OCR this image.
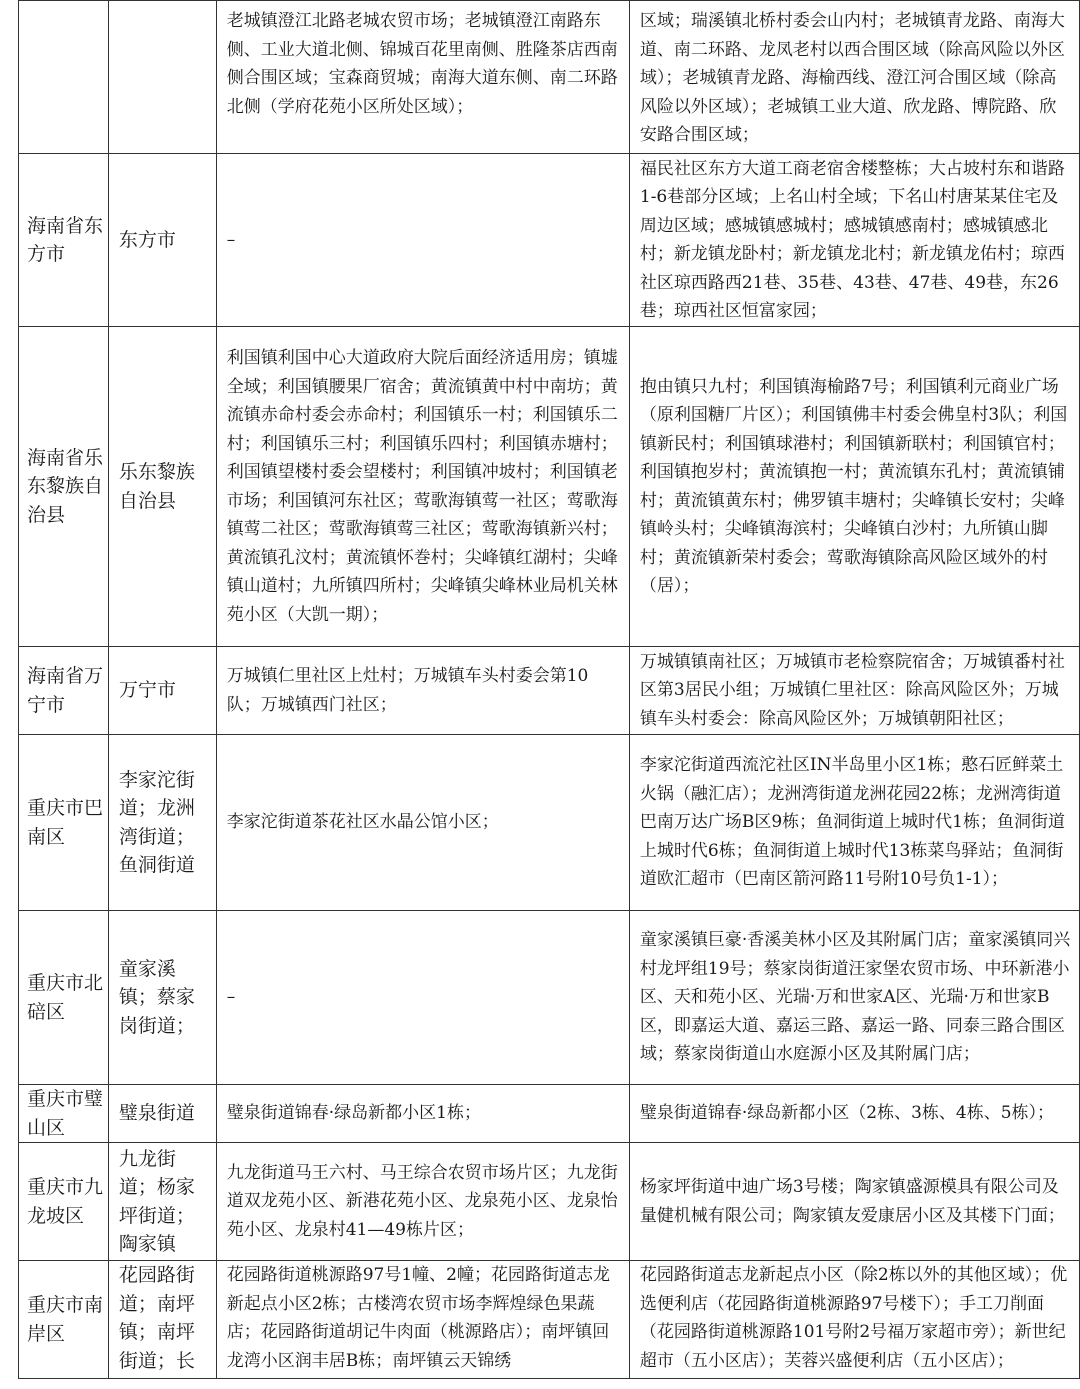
		老城镇澄江北路老城农贸市场；老城镇澄江南路东侧、工业大道北侧、锦城百花里南侧、胜隆茶店西南侧合围区域；宝森商贸城；南海大道东侧、南二环路北侧（学府花苑小区所处区域）；	区域；瑞溪镇北桥村委会山内村；老城镇青龙路、南海大道、南二环路、龙凤老村以西合围区域（除高风险以外区域）；老城镇青龙路、海榆西线、澄江河合围区域（除高风险以外区域）；老城镇工业大道、欣龙路、博院路、欣安路合围区域；
海南省东方市	东方市	–	福民社区东方大道工商老宿舍楼整栋；大占坡村东和谐路1-6巷部分区域；上名山村全域；下名山村唐某某住宅及周边区域；感城镇感城村；感城镇感南村；感城镇感北村；新龙镇龙卧村；新龙镇龙北村；新龙镇龙佑村；琼西社区琼西路西21巷、35巷、43巷、47巷、49巷，东26巷；琼西社区恒富家园；
海南省乐东黎族自治县	乐东黎族自治县	利国镇利国中心大道政府大院后面经济适用房；镇墟全域；利国镇腰果厂宿舍；黄流镇黄中村中南坊；黄流镇赤命村委会赤命村；利国镇乐一村；利国镇乐二村；利国镇乐三村；利国镇乐四村；利国镇赤塘村；利国镇望楼村委会望楼村；利国镇冲坡村；利国镇老市场；利国镇河东社区；莺歌海镇莺一社区；莺歌海镇莺二社区；莺歌海镇莺三社区；莺歌海镇新兴村；黄流镇孔汶村；黄流镇怀巻村；尖峰镇红湖村；尖峰镇山道村；九所镇四所村；尖峰镇尖峰林业局机关林苑小区（大凯一期）；	抱由镇只九村；利国镇海榆路7号；利国镇利元商业广场（原利国糖厂片区）；利国镇佛丰村委会佛皇村3队；利国镇新民村；利国镇球港村；利国镇新联村；利国镇官村；利国镇抱岁村；黄流镇抱一村；黄流镇东孔村；黄流镇铺村；黄流镇黄东村；佛罗镇丰塘村；尖峰镇长安村；尖峰镇岭头村；尖峰镇海滨村；尖峰镇白沙村；九所镇山脚村；黄流镇新荣村委会；莺歌海镇除高风险区域外的村（居）；
海南省万宁市	万宁市	万城镇仁里社区上灶村；万城镇车头村委会第10队；万城镇西门社区；	万城镇镇南社区；万城镇市老检察院宿舍；万城镇番村社区第3居民小组；万城镇仁里社区：除高风险区外；万城镇车头村委会：除高风险区外；万城镇朝阳社区；
重庆市巴南区	李家沱街道；龙洲湾街道；鱼洞街道	李家沱街道茶花社区水晶公馆小区；	李家沱街道西流沱社区IN半岛里小区1栋；憨石匠鲜菜土火锅（融汇店）；龙洲湾街道龙洲花园22栋；龙洲湾街道巴南万达广场B区9栋；鱼洞街道上城时代1栋；鱼洞街道上城时代6栋；鱼洞街道上城时代13栋菜鸟驿站；鱼洞街道欧汇超市（巴南区箭河路11号附10号负1-1）；
重庆市北碚区	童家溪镇；蔡家岗街道；	–	童家溪镇巨豪·香溪美林小区及其附属门店；童家溪镇同兴村龙坪组19号；蔡家岗街道汪家堡农贸市场、中环新港小区、天和苑小区、光瑞·万和世家A区、光瑞·万和世家B区，即嘉运大道、嘉运三路、嘉运一路、同泰三路合围区域；蔡家岗街道山水庭源小区及其附属门店；
重庆市璧山区	璧泉街道	璧泉街道锦春·绿岛新都小区1栋；	璧泉街道锦春·绿岛新都小区（2栋、3栋、4栋、5栋）；
重庆市九龙坡区	九龙街道；杨家坪街道；陶家镇	九龙街道马王六村、马王综合农贸市场片区；九龙街道双龙苑小区、新港花苑小区、龙泉苑小区、龙泉怡苑小区、龙泉村41—49栋片区；	杨家坪街道中迪广场3号楼；陶家镇盛源模具有限公司及量健机械有限公司；陶家镇友爱康居小区及其楼下门面；
重庆市南岸区	花园路街道；南坪镇；南坪街道；长	花园路街道桃源路97号1幢、2幢；花园路街道志龙新起点小区2栋；古楼湾农贸市场李辉煌绿色果蔬店；花园路街道胡记牛肉面（桃源路店）；南坪镇回龙湾小区润丰居B栋；南坪镇云天锦绣	花园路街道志龙新起点小区（除2栋以外的其他区域）；优选便利店（花园路街道桃源路97号楼下）；手工刀削面（花园路街道桃源路101号附2号福万家超市旁）；新世纪超市（五小区店）；芙蓉兴盛便利店（五小区店）；
